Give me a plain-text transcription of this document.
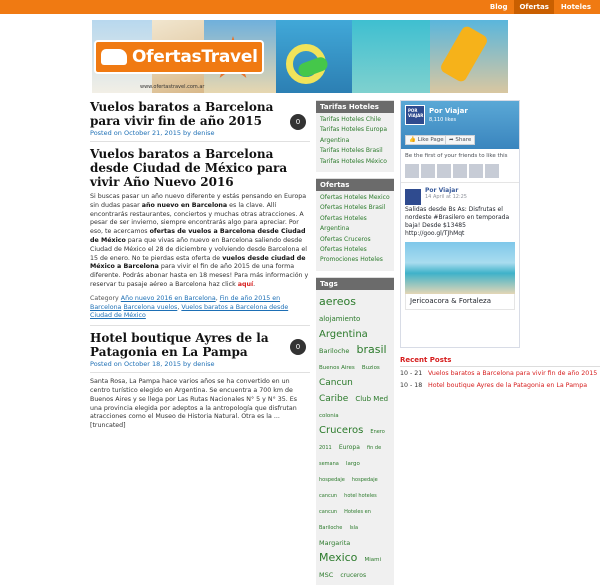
Blog	Ofertas	Hoteles
OfertasTravel
www.ofertastravel.com.ar
Vuelos baratos a Barcelona para vivir fin de año 2015	0
Posted on October 21, 2015 by denise
Vuelos baratos a Barcelona desde Ciudad de México para vivir Año Nuevo 2016
Si buscas pasar un año nuevo diferente y estás pensando en Europa sin dudas pasar año nuevo en Barcelona es la clave. Allí encontrarás restaurantes, conciertos y muchas otras atracciones. A pesar de ser invierno, siempre encontrarás algo para apreciar. Por eso, te acercamos ofertas de vuelos a Barcelona desde Ciudad de México para que vivas año nuevo en Barcelona saliendo desde Ciudad de México el 28 de diciembre y volviendo desde Barcelona el 15 de enero. No te pierdas esta oferta de vuelos desde ciudad de México a Barcelona para vivir el fin de año 2015 de una forma diferente. Podrás abonar hasta en 18 meses! Para más información y reservar tu pasaje aéreo a Barcelona haz click aquí.
Category Año nuevo 2016 en Barcelona, Fin de año 2015 en Barcelona Barcelona vuelos, Vuelos baratos a Barcelona desde Ciudad de México
Hotel boutique Ayres de la Patagonia en La Pampa	0
Posted on October 18, 2015 by denise
Santa Rosa, La Pampa hace varios años se ha convertido en un centro turístico elegido en Argentina. Se encuentra a 700 km de Buenos Aires y se llega por Las Rutas Nacionales N° 5 y N° 35. Es una provincia elegida por adeptos a la antropología que disfrutan atracciones como el Museo de Historia Natural. Otra es la ... [truncated]
Tarifas Hoteles
Tarifas Hoteles Chile
Tarifas Hoteles Europa
Argentina
Tarifas Hoteles Brasil
Tarifas Hoteles México
Ofertas
Ofertas Hoteles Mexico
Ofertas Hoteles Brasil
Ofertas Hoteles
Argentina
Ofertas Cruceros
Ofertas Hoteles
Promociones Hoteles
Tags
aereos alojamiento Argentina Bariloche brasil Buenos Aires Buzios Cancun Caribe Club Med colonia Cruceros Enero 2011 Europa fin de semana largo hospedaje hospedaje cancun hotel hoteles cancun Hoteles en Bariloche Isla Margarita Mexico Miami MSC cruceros
POR VIAJAR
Por Viajar
8,110 likes
👍 Like Page ➦ Share
Be the first of your friends to like this
Por Viajar
14 April at 12:25
Salidas desde Bs As: Disfrutas el nordeste #Brasilero en temporada baja! Desde $13485 http://goo.gl/TJhMqt
Jericoacora & Fortaleza
Recent Posts
10 - 21 Vuelos baratos a Barcelona para vivir fin de año 2015
10 - 18 Hotel boutique Ayres de la Patagonia en La Pampa
